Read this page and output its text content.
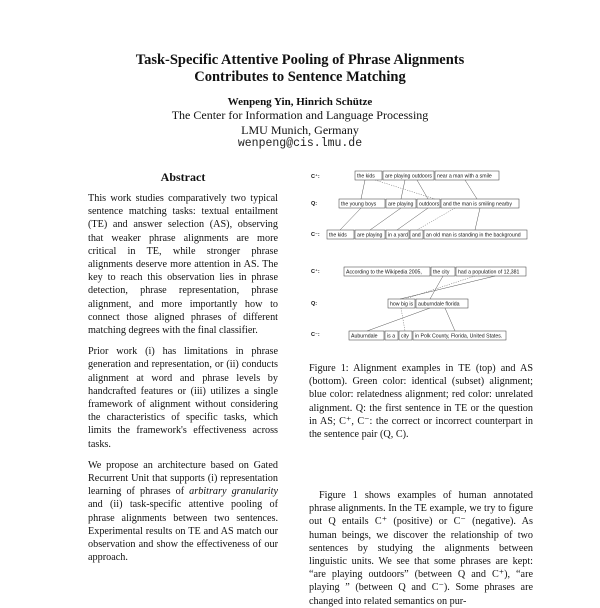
Task-Specific Attentive Pooling of Phrase Alignments
Contributes to Sentence Matching
Wenpeng Yin, Hinrich Schütze
The Center for Information and Language Processing
LMU Munich, Germany
wenpeng@cis.lmu.de
Abstract

This work studies comparatively two typical sentence matching tasks: textual entailment (TE) and answer selection (AS), observing that weaker phrase alignments are more critical in TE, while stronger phrase alignments deserve more attention in AS. The key to reach this observation lies in phrase detection, phrase representation, phrase alignment, and more importantly how to connect those aligned phrases of different matching degrees with the final classifier.

Prior work (i) has limitations in phrase generation and representation, or (ii) conducts alignment at word and phrase levels by handcrafted features or (iii) utilizes a single framework of alignment without considering the characteristics of specific tasks, which limits the framework's effectiveness across tasks.

We propose an architecture based on Gated Recurrent Unit that supports (i) representation learning of phrases of arbitrary granularity and (ii) task-specific attentive pooling of phrase alignments between two sentences. Experimental results on TE and AS match our observation and show the effectiveness of our approach.

C⁺:
Q:
C⁻:
the kids are playing outdoors near a man with a smile
the young boys are playing outdoors and the man is smiling nearby
the kids are playing in a yard and an old man is standing in the background
C⁺:
Q:
C⁻:
According to the Wikipedia 2005, the city had a population of 12,381
how big is auburndale florida
Auburndale is a city in Polk County, Florida, United States.
Figure 1: Alignment examples in TE (top) and AS (bottom). Green color: identical (subset) alignment; blue color: relatedness alignment; red color: unrelated alignment. Q: the first sentence in TE or the question in AS; C⁺, C⁻: the correct or incorrect counterpart in the sentence pair (Q, C).

Figure 1 shows examples of human annotated phrase alignments. In the TE example, we try to figure out Q entails C⁺ (positive) or C⁻ (negative). As human beings, we discover the relationship of two sentences by studying the alignments between linguistic units. We see that some phrases are kept: “are playing outdoors” (between Q and C⁺), “are playing ” (between Q and C⁻). Some phrases are changed into related semantics on pur-
